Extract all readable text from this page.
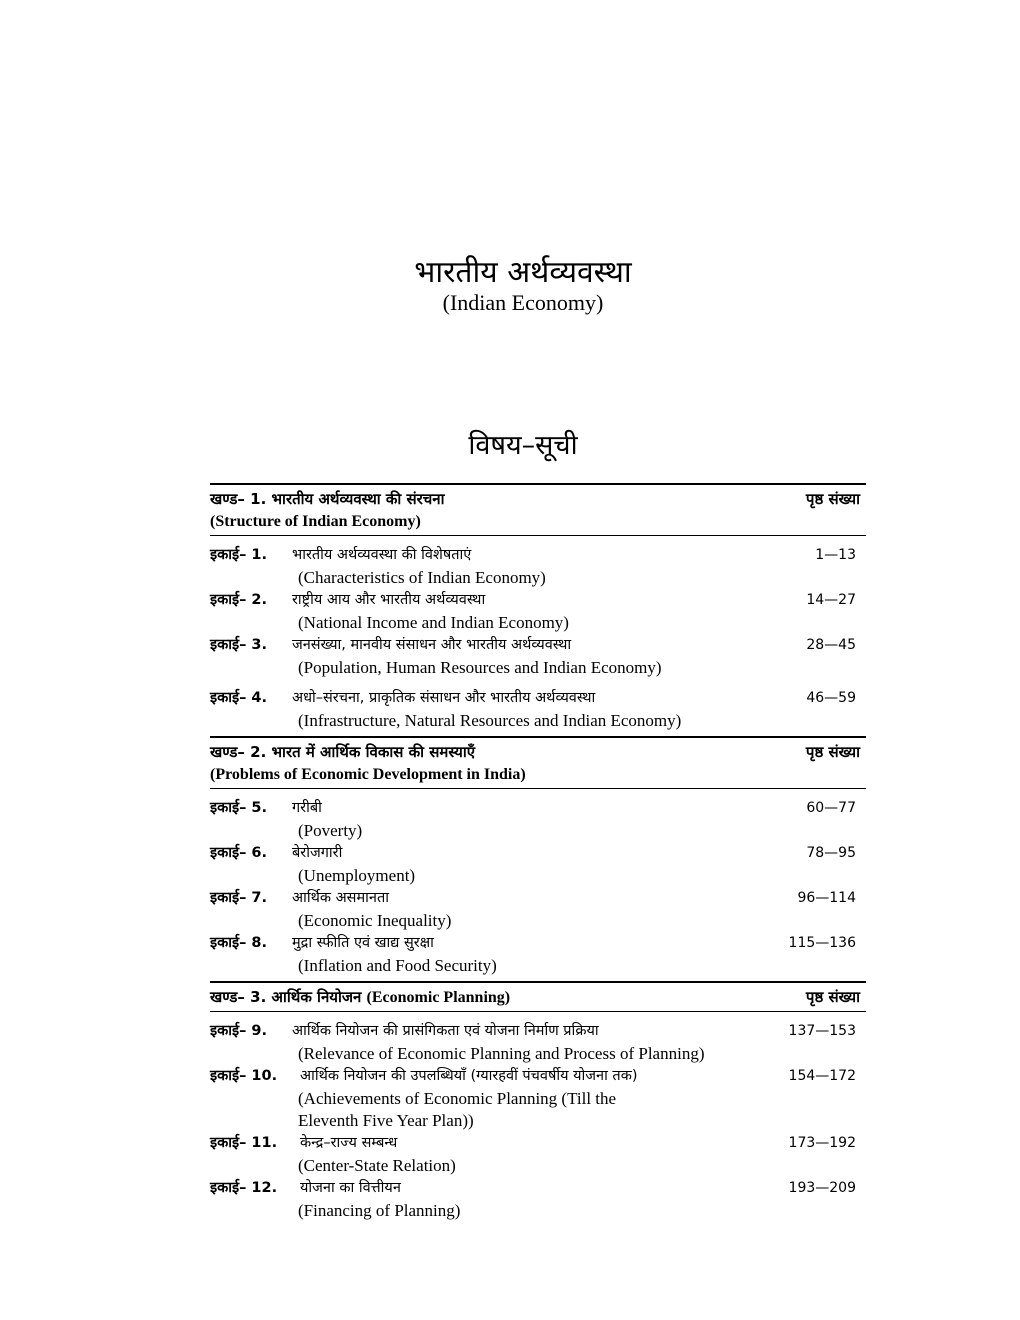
भारतीय अर्थव्यवस्था
(Indian Economy)
विषय–सूची
खण्ड– 1. भारतीय अर्थव्यवस्था की संरचना	पृष्ठ संख्या
(Structure of Indian Economy)
इकाई– 1. भारतीय अर्थव्यवस्था की विशेषताएं	1—13
(Characteristics of Indian Economy)
इकाई– 2. राष्ट्रीय आय और भारतीय अर्थव्यवस्था	14—27
(National Income and Indian Economy)
इकाई– 3. जनसंख्या, मानवीय संसाधन और भारतीय अर्थव्यवस्था	28—45
(Population, Human Resources and Indian Economy)
इकाई– 4. अधो–संरचना, प्राकृतिक संसाधन और भारतीय अर्थव्यवस्था	46—59
(Infrastructure, Natural Resources and Indian Economy)
खण्ड– 2. भारत में आर्थिक विकास की समस्याएँ	पृष्ठ संख्या
(Problems of Economic Development in India)
इकाई– 5. गरीबी	60—77
(Poverty)
इकाई– 6. बेरोजगारी	78—95
(Unemployment)
इकाई– 7. आर्थिक असमानता	96—114
(Economic Inequality)
इकाई– 8. मुद्रा स्फीति एवं खाद्य सुरक्षा	115—136
(Inflation and Food Security)
खण्ड– 3. आर्थिक नियोजन (Economic Planning)	पृष्ठ संख्या
इकाई– 9. आर्थिक नियोजन की प्रासंगिकता एवं योजना निर्माण प्रक्रिया	137—153
(Relevance of Economic Planning and Process of Planning)
इकाई– 10. आर्थिक नियोजन की उपलब्धियाँ (ग्यारहवीं पंचवर्षीय योजना तक)	154—172
(Achievements of Economic Planning (Till the
Eleventh Five Year Plan))
इकाई– 11. केन्द्र–राज्य सम्बन्ध	173—192
(Center-State Relation)
इकाई– 12. योजना का वित्तीयन	193—209
(Financing of Planning)
